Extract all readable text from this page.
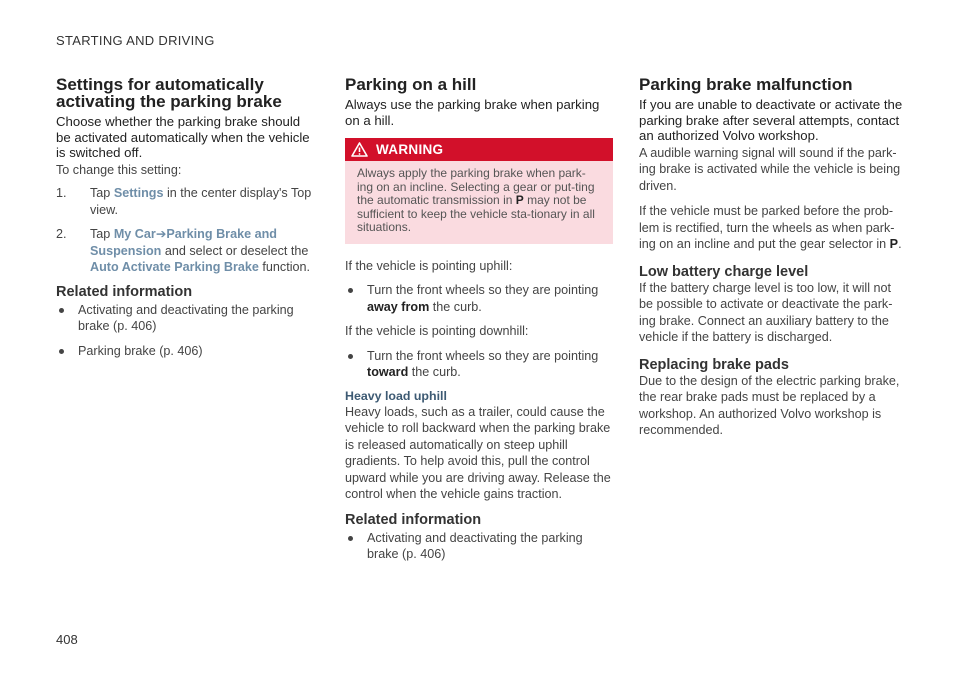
STARTING AND DRIVING
Settings for automatically activating the parking brake
Choose whether the parking brake should be activated automatically when the vehicle is switched off.

To change this setting:

1. Tap Settings in the center display's Top view.
2. Tap My Car➔Parking Brake and Suspension and select or deselect the Auto Activate Parking Brake function.
Related information
Activating and deactivating the parking brake (p. 406)
Parking brake (p. 406)
Parking on a hill
Always use the parking brake when parking on a hill.
WARNING
Always apply the parking brake when park-ing on an incline. Selecting a gear or put-ting the automatic transmission in P may not be sufficient to keep the vehicle sta-tionary in all situations.

If the vehicle is pointing uphill:

Turn the front wheels so they are pointing away from the curb.

If the vehicle is pointing downhill:

Turn the front wheels so they are pointing toward the curb.
Heavy load uphill

Heavy loads, such as a trailer, could cause the vehicle to roll backward when the parking brake is released automatically on steep uphill gradients. To help avoid this, pull the control upward while you are driving away. Release the control when the vehicle gains traction.

Related information
Activating and deactivating the parking brake (p. 406)
Parking brake malfunction
If you are unable to deactivate or activate the parking brake after several attempts, contact an authorized Volvo workshop.

A audible warning signal will sound if the park-ing brake is activated while the vehicle is being driven.

If the vehicle must be parked before the prob-lem is rectified, turn the wheels as when park-ing on an incline and put the gear selector in P.

Low battery charge level

If the battery charge level is too low, it will not be possible to activate or deactivate the park-ing brake. Connect an auxiliary battery to the vehicle if the battery is discharged.

Replacing brake pads

Due to the design of the electric parking brake, the rear brake pads must be replaced by a workshop. An authorized Volvo workshop is recommended.

408
